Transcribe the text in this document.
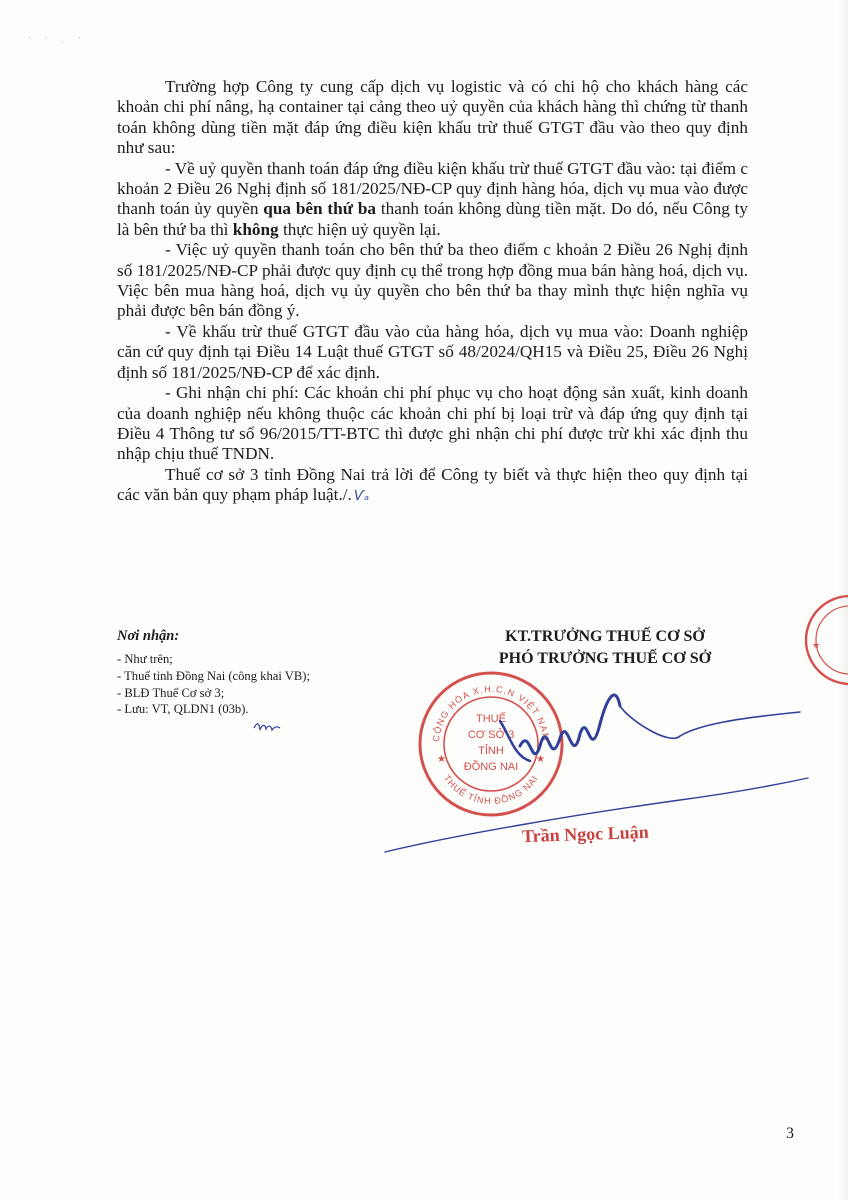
· · ˌ ·

Trường hợp Công ty cung cấp dịch vụ logistic và có chi hộ cho khách hàng các khoản chi phí nâng, hạ container tại cảng theo uỷ quyền của khách hàng thì chứng từ thanh toán không dùng tiền mặt đáp ứng điều kiện khấu trừ thuế GTGT đầu vào theo quy định như sau:

- Về uỷ quyền thanh toán đáp ứng điều kiện khấu trừ thuế GTGT đầu vào: tại điểm c khoản 2 Điều 26 Nghị định số 181/2025/NĐ-CP quy định hàng hóa, dịch vụ mua vào được thanh toán ủy quyền qua bên thứ ba thanh toán không dùng tiền mặt. Do dó, nếu Công ty là bên thứ ba thì không thực hiện uỷ quyền lại.

- Việc uỷ quyền thanh toán cho bên thứ ba theo điểm c khoản 2 Điều 26 Nghị định số 181/2025/NĐ-CP phải được quy định cụ thể trong hợp đồng mua bán hàng hoá, dịch vụ. Việc bên mua hàng hoá, dịch vụ ủy quyền cho bên thứ ba thay mình thực hiện nghĩa vụ phải được bên bán đồng ý.

- Về khấu trừ thuế GTGT đầu vào của hàng hóa, dịch vụ mua vào: Doanh nghiệp căn cứ quy định tại Điều 14 Luật thuế GTGT số 48/2024/QH15 và Điều 25, Điều 26 Nghị định số 181/2025/NĐ-CP để xác định.

- Ghi nhận chi phí: Các khoản chi phí phục vụ cho hoạt động sản xuất, kinh doanh của doanh nghiệp nếu không thuộc các khoản chi phí bị loại trừ và đáp ứng quy định tại Điều 4 Thông tư số 96/2015/TT-BTC thì được ghi nhận chi phí được trừ khi xác định thu nhập chịu thuế TNDN.

Thuế cơ sở 3 tỉnh Đồng Nai trả lời để Công ty biết và thực hiện theo quy định tại các văn bản quy phạm pháp luật./. Ѵₐ

Nơi nhận:

- Như trên;
- Thuế tỉnh Đồng Nai (công khai VB);
- BLĐ Thuế Cơ sở 3;
- Lưu: VT, QLDN1 (03b).
KT.TRƯỞNG THUẾ CƠ SỞ
PHÓ TRƯỞNG THUẾ CƠ SỞ
CỘNG HÒA X.H.C.N VIỆT NAM
THUẾ TỈNH ĐỒNG NAI
★	★
THUẾ
CƠ SỞ 3
TỈNH
ĐỒNG NAI
Trần Ngọc Luận
★
3
